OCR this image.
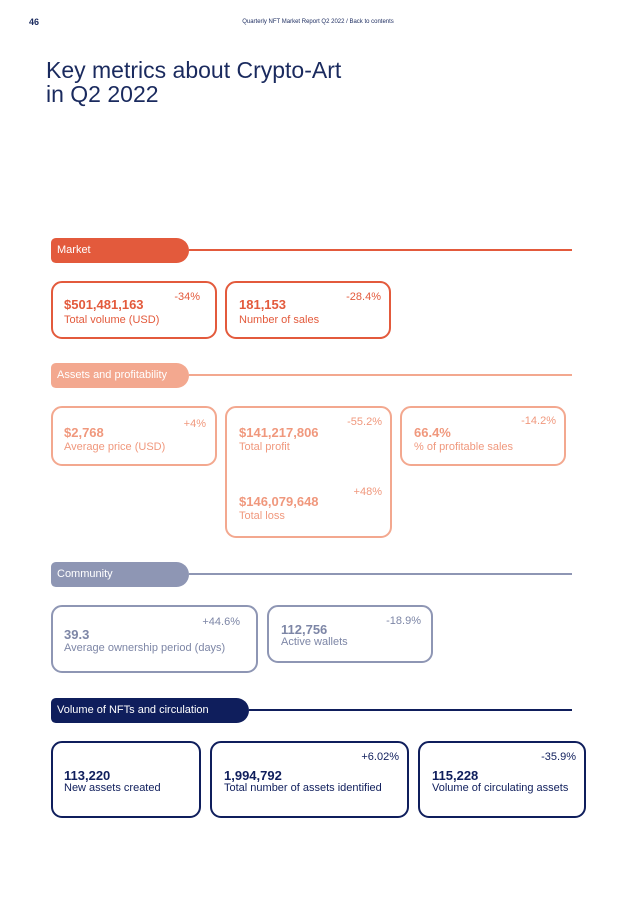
46	Quarterly NFT Market Report Q2 2022 / Back to contents
Key metrics about Crypto-Art
in Q2 2022
Market
-34%
$501,481,163
Total volume (USD)
-28.4%
181,153
Number of sales
Assets and profitability
+4%
$2,768
Average price (USD)
-55.2%
$141,217,806
Total profit
+48%
$146,079,648
Total loss
-14.2%
66.4%
% of profitable sales
Community
+44.6%
39.3
Average ownership period (days)
-18.9%
112,756
Active wallets
Volume of NFTs and circulation
113,220
New assets created
+6.02%
1,994,792
Total number of assets identified
-35.9%
115,228
Volume of circulating assets
